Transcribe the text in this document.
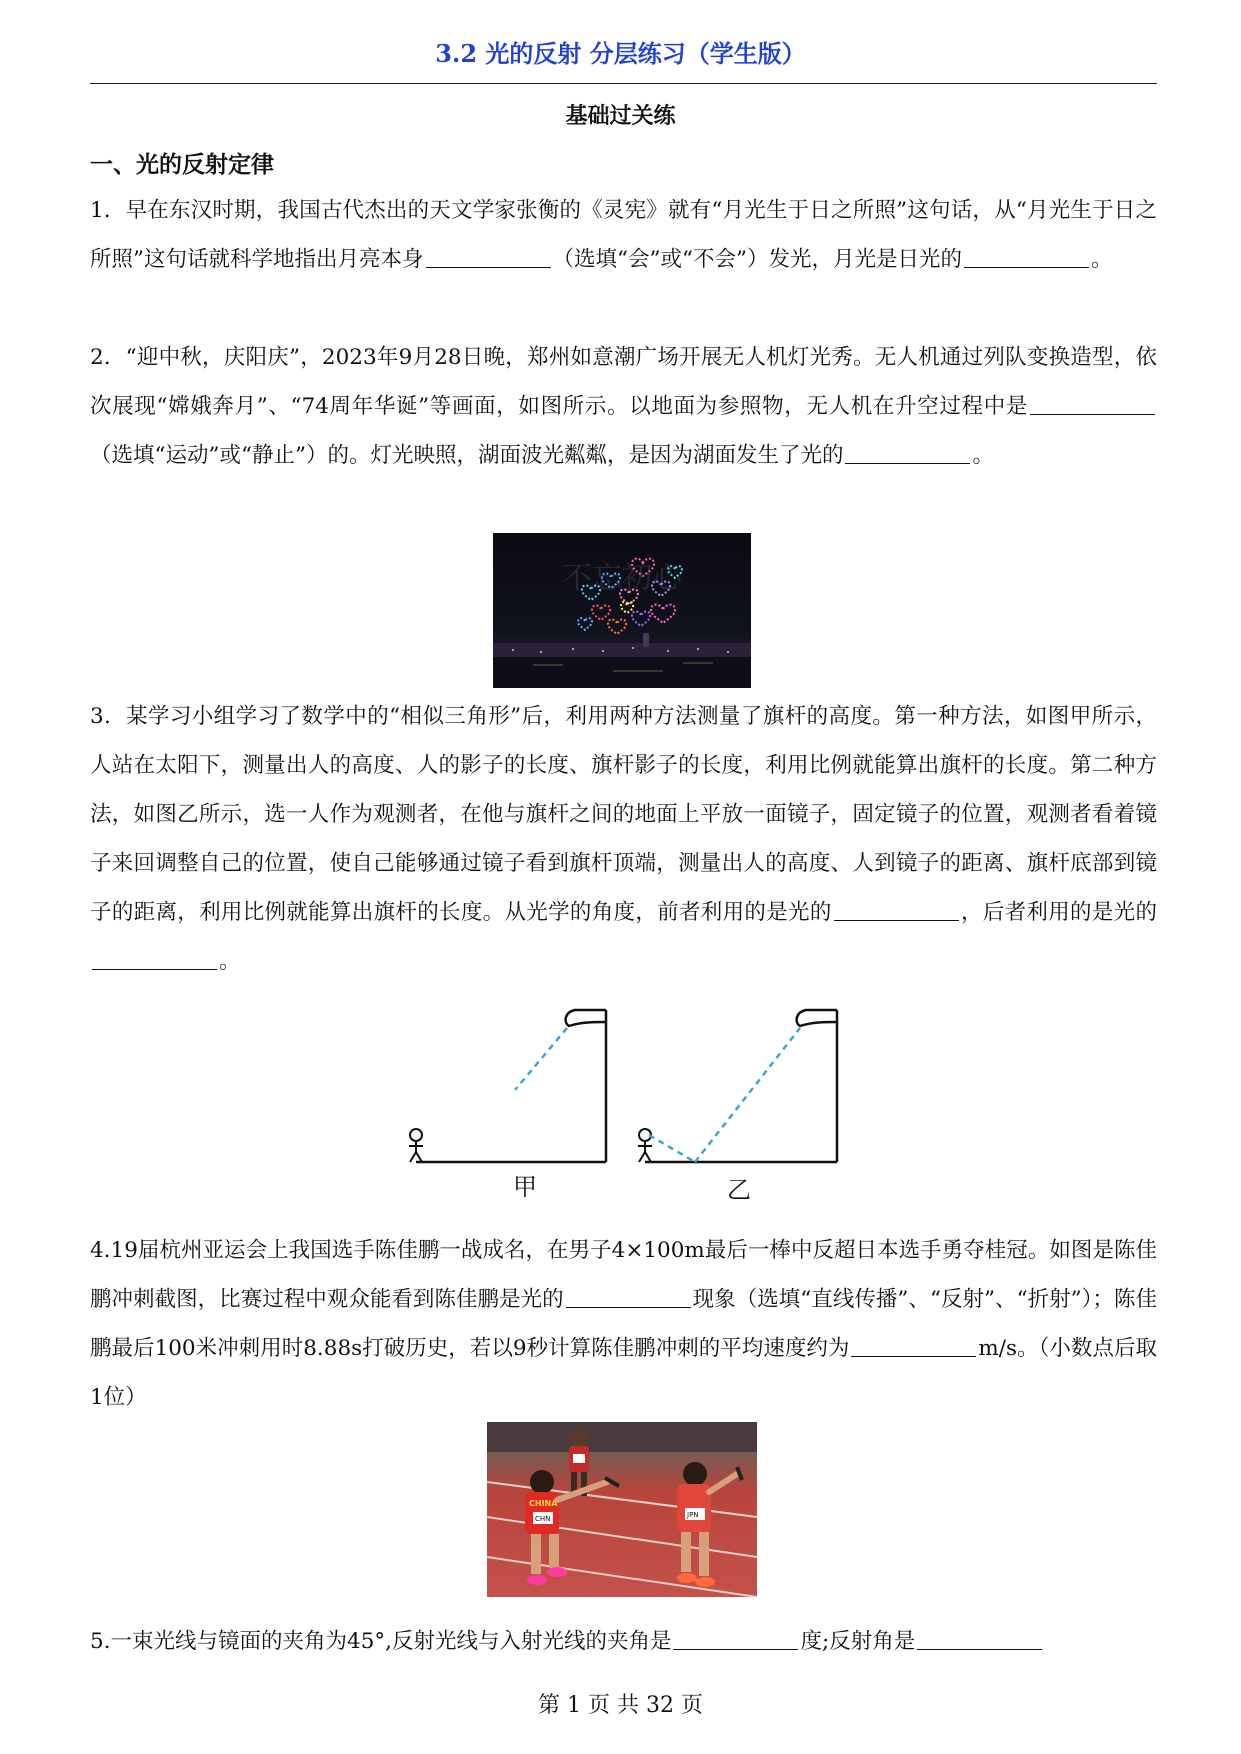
3.2 光的反射 分层练习（学生版）
基础过关练
一、光的反射定律
1．早在东汉时期，我国古代杰出的天文学家张衡的《灵宪》就有“月光生于日之所照”这句话，从“月光生于日之所照”这句话就科学地指出月亮本身	（选填“会”或“不会”）发光，月光是日光的	。
2．“迎中秋，庆阳庆”，2023年9月28日晚，郑州如意潮广场开展无人机灯光秀。无人机通过列队变换造型，依次展现“嫦娥奔月”、“74周年华诞”等画面，如图所示。以地面为参照物，无人机在升空过程中是（选填“运动”或“静止”）的。灯光映照，湖面波光粼粼，是因为湖面发生了光的	。
不忘初心
3．某学习小组学习了数学中的“相似三角形”后，利用两种方法测量了旗杆的高度。第一种方法，如图甲所示，人站在太阳下，测量出人的高度、人的影子的长度、旗杆影子的长度，利用比例就能算出旗杆的长度。第二种方法，如图乙所示，选一人作为观测者，在他与旗杆之间的地面上平放一面镜子，固定镜子的位置，观测者看着镜子来回调整自己的位置，使自己能够通过镜子看到旗杆顶端，测量出人的高度、人到镜子的距离、旗杆底部到镜子的距离，利用比例就能算出旗杆的长度。从光学的角度，前者利用的是光的	，后者利用的是光的。
甲	乙
4.19届杭州亚运会上我国选手陈佳鹏一战成名，在男子4×100m最后一棒中反超日本选手勇夺桂冠。如图是陈佳鹏冲刺截图，比赛过程中观众能看到陈佳鹏是光的	现象（选填“直线传播”、“反射”、“折射”）；陈佳鹏最后100米冲刺用时8.88s打破历史，若以9秒计算陈佳鹏冲刺的平均速度约为	m/s。（小数点后取1位）
CHINA
CHN	JPN
5.一束光线与镜面的夹角为45°,反射光线与入射光线的夹角是	度;反射角是
第 1 页 共 32 页
